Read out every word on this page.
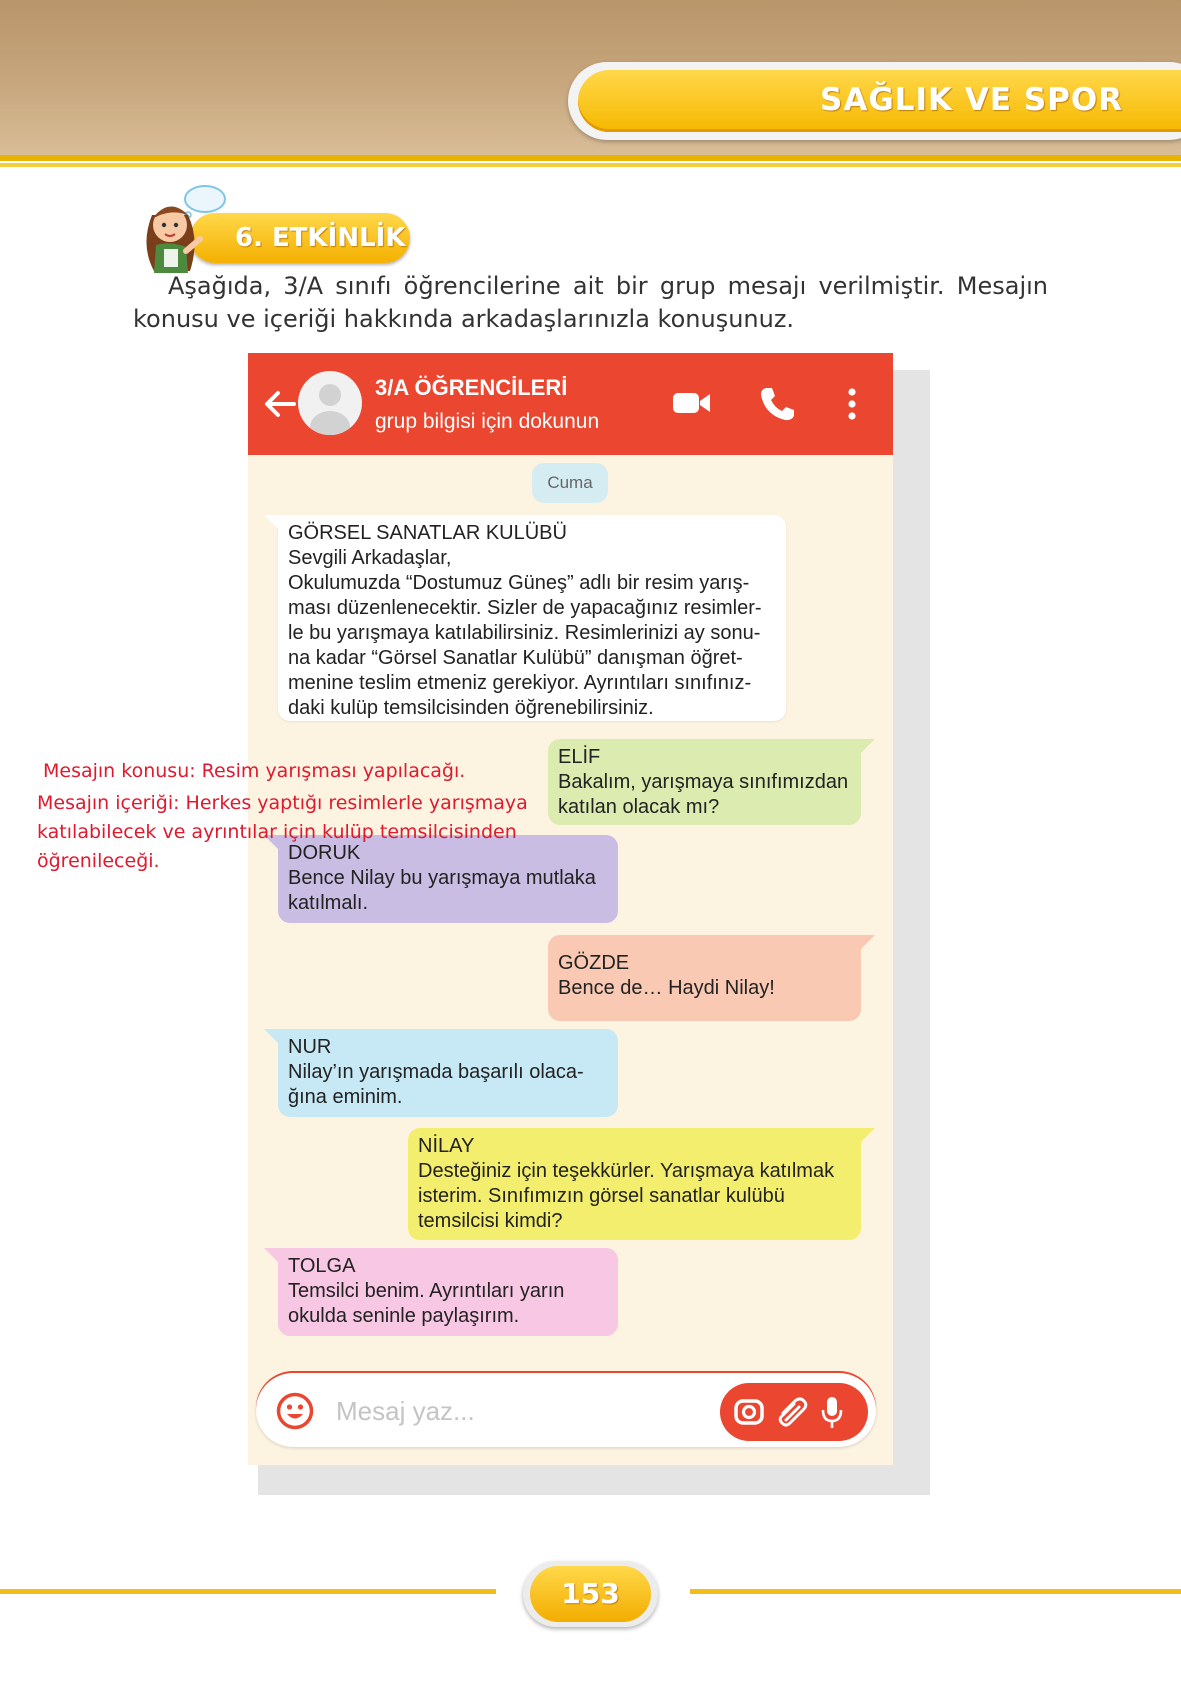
SAĞLIK VE SPOR
6. ETKİNLİK
Aşağıda, 3/A sınıfı öğrencilerine ait bir grup mesajı verilmiştir. Mesajın konusu ve içeriği hakkında arkadaşlarınızla konuşunuz.
3/A ÖĞRENCİLERİ
grup bilgisi için dokunun
Cuma
GÖRSEL SANATLAR KULÜBÜ
Sevgili Arkadaşlar,
Okulumuzda “Dostumuz Güneş” adlı bir resim yarış-
ması düzenlenecektir. Sizler de yapacağınız resimler-
le bu yarışmaya katılabilirsiniz. Resimlerinizi ay sonu-
na kadar “Görsel Sanatlar Kulübü” danışman öğret-
menine teslim etmeniz gerekiyor. Ayrıntıları sınıfınız-
daki kulüp temsilcisinden öğrenebilirsiniz.
ELİF
Bakalım, yarışmaya sınıfımızdan
katılan olacak mı?
DORUK
Bence Nilay bu yarışmaya mutlaka
katılmalı.
GÖZDE
Bence de… Haydi Nilay!
NUR
Nilay’ın yarışmada başarılı olaca-
ğına eminim.
NİLAY
Desteğiniz için teşekkürler. Yarışmaya katılmak
isterim. Sınıfımızın görsel sanatlar kulübü
temsilcisi kimdi?
TOLGA
Temsilci benim. Ayrıntıları yarın
okulda seninle paylaşırım.
Mesaj yaz...
Mesajın konusu: Resim yarışması yapılacağı.
Mesajın içeriği: Herkes yaptığı resimlerle yarışmaya
katılabilecek ve ayrıntılar için kulüp temsilcisinden
öğrenileceği.
153
